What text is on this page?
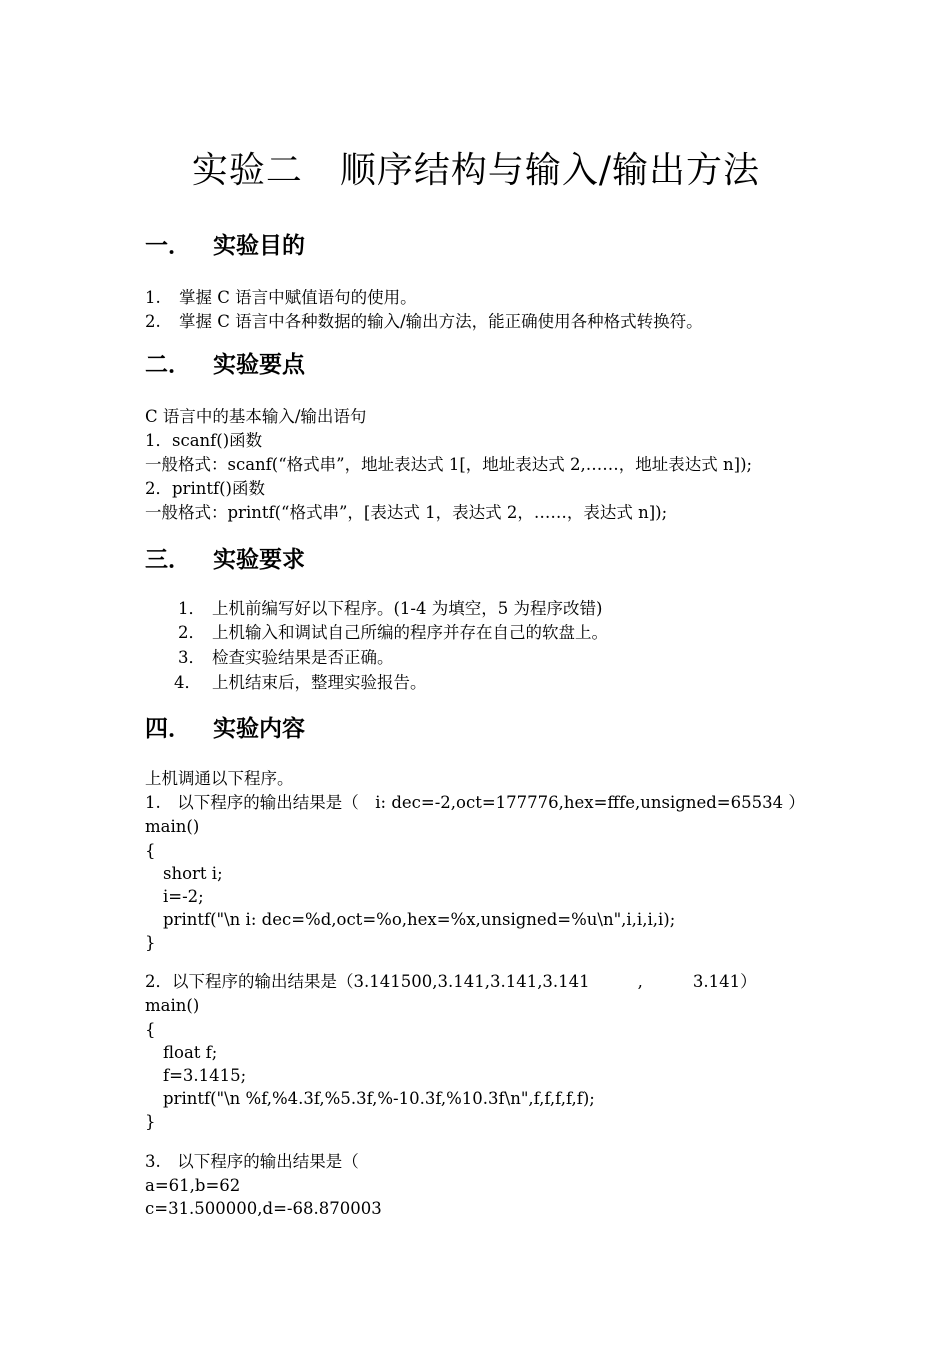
实验二　顺序结构与输入/输出方法
一． 实验目的
1. 掌握 C 语言中赋值语句的使用。
2. 掌握 C 语言中各种数据的输入/输出方法，能正确使用各种格式转换符。
二． 实验要点
C 语言中的基本输入/输出语句
1．scanf()函数
一般格式：scanf(“格式串”，地址表达式 1[，地址表达式 2,……，地址表达式 n]);
2．printf()函数
一般格式：printf(“格式串”，[表达式 1，表达式 2，……，表达式 n]);
三． 实验要求
1． 上机前编写好以下程序。(1-4 为填空，5 为程序改错)
2． 上机输入和调试自己所编的程序并存在自己的软盘上。
3． 检查实验结果是否正确。
4． 上机结束后，整理实验报告。
四． 实验内容
上机调通以下程序。
1.　以下程序的输出结果是（　i: dec=-2,oct=177776,hex=fffe,unsigned=65534 ）
main()
{
short i;
i=-2;
printf("\n i: dec=%d,oct=%o,hex=%x,unsigned=%u\n",i,i,i,i);
}
2．以下程序的输出结果是（3.141500,3.141,3.141,3.141	,	3.141）
main()
{
float f;
f=3.1415;
printf("\n %f,%4.3f,%5.3f,%-10.3f,%10.3f\n",f,f,f,f,f);
}
3.　以下程序的输出结果是（
a=61,b=62
c=31.500000,d=-68.870003
